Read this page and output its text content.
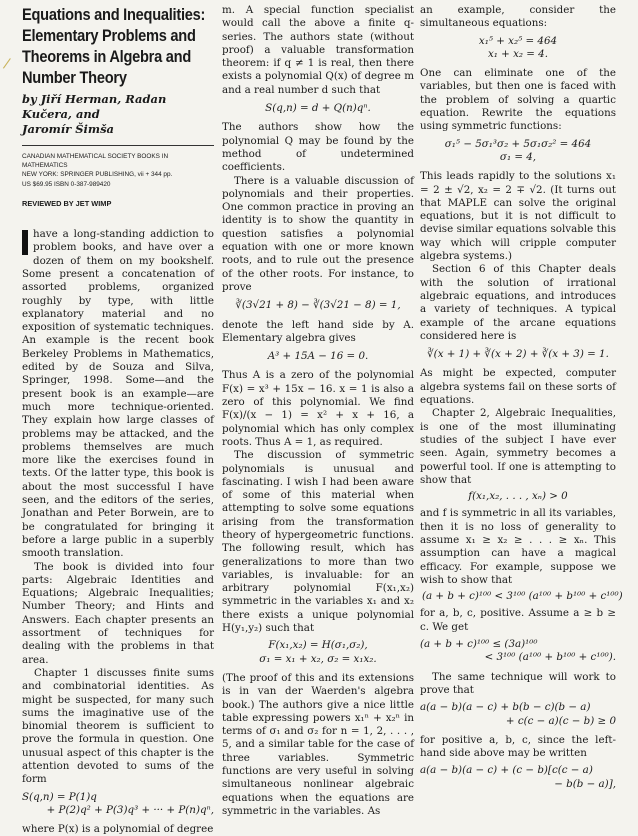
/
Equations and Inequalities:
Elementary Problems and
Theorems in Algebra and
Number Theory
by Jiří Herman, Radan Kučera, and
Jaromír Šimša
CANADIAN MATHEMATICAL SOCIETY BOOKS IN
MATHEMATICS
NEW YORK: SPRINGER PUBLISHING, vii + 344 pp.
US $69.95 ISBN 0-387-989420
REVIEWED BY JET WIMP
have a long-standing addiction to problem books, and have over a dozen of them on my bookshelf. Some present a concatenation of assorted problems, organized roughly by type, with little explanatory material and no exposition of systematic techniques. An example is the recent book Berkeley Problems in Mathematics, edited by de Souza and Silva, Springer, 1998. Some—and the present book is an example—are much more technique-oriented. They explain how large classes of problems may be attacked, and the problems themselves are much more like the exercises found in texts. Of the latter type, this book is about the most successful I have seen, and the editors of the series, Jonathan and Peter Borwein, are to be congratulated for bringing it before a large public in a superbly smooth translation.
The book is divided into four parts: Algebraic Identities and Equations; Algebraic Inequalities; Number Theory; and Hints and Answers. Each chapter presents an assortment of techniques for dealing with the problems in that area.
Chapter 1 discusses finite sums and combinatorial identities. As might be suspected, for many such sums the imaginative use of the binomial theorem is sufficient to prove the formula in question. One unusual aspect of this chapter is the attention devoted to sums of the form
S(q,n) = P(1)q
+ P(2)q² + P(3)q³ + ··· + P(n)qⁿ,
where P(x) is a polynomial of degree
m. A special function specialist would call the above a finite q-series. The authors state (without proof) a valuable transformation theorem: if q ≠ 1 is real, then there exists a polynomial Q(x) of degree m and a real number d such that
S(q,n) = d + Q(n)qⁿ.
The authors show how the polynomial Q may be found by the method of undetermined coefficients.
There is a valuable discussion of polynomials and their properties. One common practice in proving an identity is to show the quantity in question satisfies a polynomial equation with one or more known roots, and to rule out the presence of the other roots. For instance, to prove
∛(3√21 + 8) − ∛(3√21 − 8) = 1,
denote the left hand side by A. Elementary algebra gives
A³ + 15A − 16 = 0.
Thus A is a zero of the polynomial F(x) = x³ + 15x − 16. x = 1 is also a zero of this polynomial. We find F(x)/(x − 1) = x² + x + 16, a polynomial which has only complex roots. Thus A = 1, as required.
The discussion of symmetric polynomials is unusual and fascinating. I wish I had been aware of some of this material when attempting to solve some equations arising from the transformation theory of hypergeometric functions. The following result, which has generalizations to more than two variables, is invaluable: for an arbitrary polynomial F(x₁,x₂) symmetric in the variables x₁ and x₂ there exists a unique polynomial H(y₁,y₂) such that
F(x₁,x₂) = H(σ₁,σ₂),
σ₁ = x₁ + x₂, σ₂ = x₁x₂.
(The proof of this and its extensions is in van der Waerden's algebra book.) The authors give a nice little table expressing powers x₁ⁿ + x₂ⁿ in terms of σ₁ and σ₂ for n = 1, 2, . . . , 5, and a similar table for the case of three variables. Symmetric functions are very useful in solving simultaneous nonlinear algebraic equations when the equations are symmetric in the variables. As
an example, consider the simultaneous equations:
x₁⁵ + x₂⁵ = 464
x₁ + x₂ = 4.
One can eliminate one of the variables, but then one is faced with the problem of solving a quartic equation. Rewrite the equations using symmetric functions:
σ₁⁵ − 5σ₁³σ₂ + 5σ₁σ₂² = 464
σ₁ = 4,
This leads rapidly to the solutions x₁ = 2 ± √2, x₂ = 2 ∓ √2. (It turns out that MAPLE can solve the original equations, but it is not difficult to devise similar equations solvable this way which will cripple computer algebra systems.)
Section 6 of this Chapter deals with the solution of irrational algebraic equations, and introduces a variety of techniques. A typical example of the arcane equations considered here is
∛(x + 1) + ∛(x + 2) + ∛(x + 3) = 1.
As might be expected, computer algebra systems fail on these sorts of equations.
Chapter 2, Algebraic Inequalities, is one of the most illuminating studies of the subject I have ever seen. Again, symmetry becomes a powerful tool. If one is attempting to show that
f(x₁,x₂, . . . , xₙ) > 0
and f is symmetric in all its variables, then it is no loss of generality to assume x₁ ≥ x₂ ≥ . . . ≥ xₙ. This assumption can have a magical efficacy. For example, suppose we wish to show that
(a + b + c)¹⁰⁰ < 3¹⁰⁰ (a¹⁰⁰ + b¹⁰⁰ + c¹⁰⁰)
for a, b, c, positive. Assume a ≥ b ≥ c. We get
(a + b + c)¹⁰⁰ ≤ (3a)¹⁰⁰
< 3¹⁰⁰ (a¹⁰⁰ + b¹⁰⁰ + c¹⁰⁰).
The same technique will work to prove that
a(a − b)(a − c) + b(b − c)(b − a)
+ c(c − a)(c − b) ≥ 0
for positive a, b, c, since the left-hand side above may be written
a(a − b)(a − c) + (c − b)[c(c − a)
− b(b − a)],
